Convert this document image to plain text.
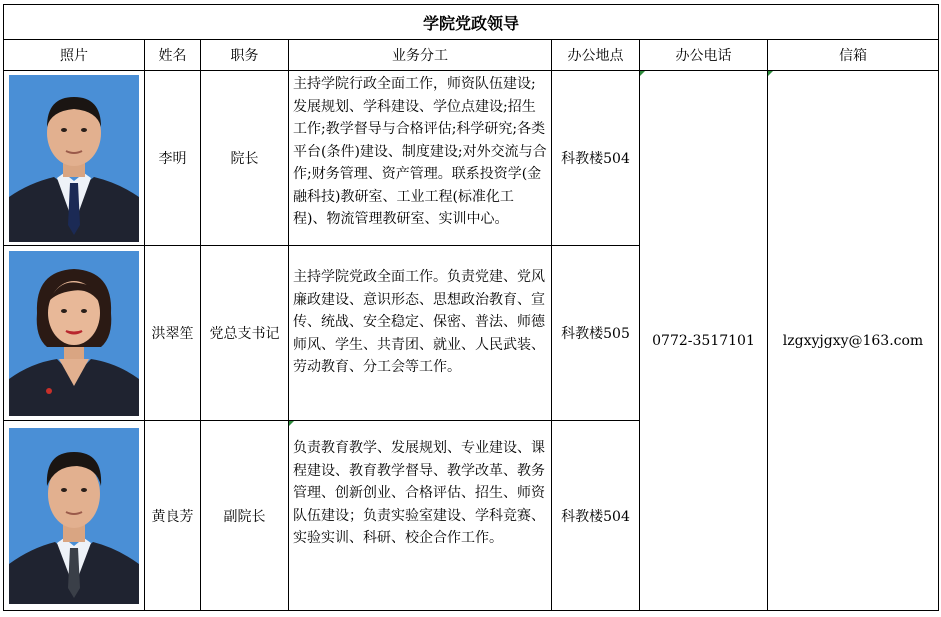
学院党政领导						
照片	姓名	职务	业务分工	办公地点	办公电话	信箱

	李明	院长	主持学院行政全面工作，师资队伍建设;发展规划、学科建设、学位点建设;招生工作;教学督导与合格评估;科学研究;各类平台(条件)建设、制度建设;对外交流与合作;财务管理、资产管理。联系投资学(金融科技)教研室、工业工程(标准化工程)、物流管理教研室、实训中心。	科教楼504	0772-3517101	lzgxyjgxy@163.com

	洪翠笙	党总支书记	主持学院党政全面工作。负责党建、党风廉政建设、意识形态、思想政治教育、宣传、统战、安全稳定、保密、普法、师德师风、学生、共青团、就业、人民武装、劳动教育、分工会等工作。	科教楼505		

	黄良芳	副院长	负责教育教学、发展规划、专业建设、课程建设、教育教学督导、教学改革、教务管理、创新创业、合格评估、招生、师资队伍建设；负责实验室建设、学科竞赛、实验实训、科研、校企合作工作。	科教楼504		
